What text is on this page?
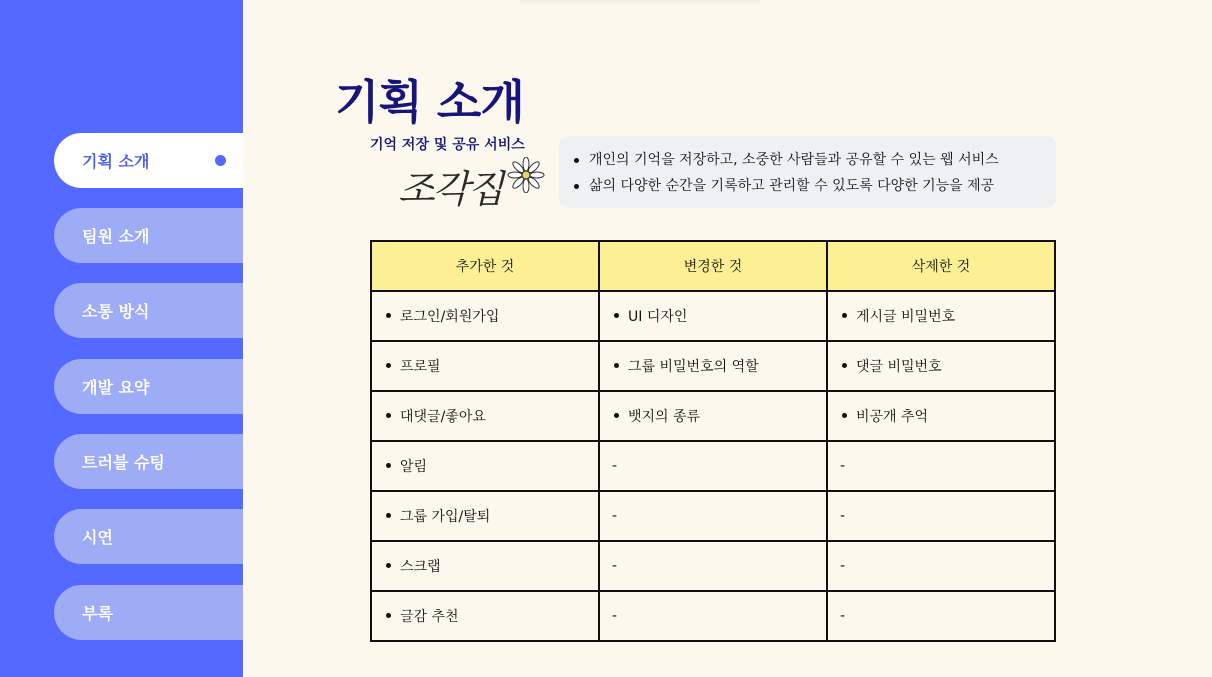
기획 소개
팀원 소개
소통 방식
개발 요약
트러블 슈팅
시연
부록
기획 소개
기억 저장 및 공유 서비스
조각집
개인의 기억을 저장하고, 소중한 사람들과 공유할 수 있는 웹 서비스
삶의 다양한 순간을 기록하고 관리할 수 있도록 다양한 기능을 제공
추가한 것	변경한 것	삭제한 것
로그인/회원가입	UI 디자인	게시글 비밀번호
프로필	그룹 비밀번호의 역할	댓글 비밀번호
대댓글/좋아요	뱃지의 종류	비공개 추억
알림	-	-
그룹 가입/탈퇴	-	-
스크랩	-	-
글감 추천	-	-
